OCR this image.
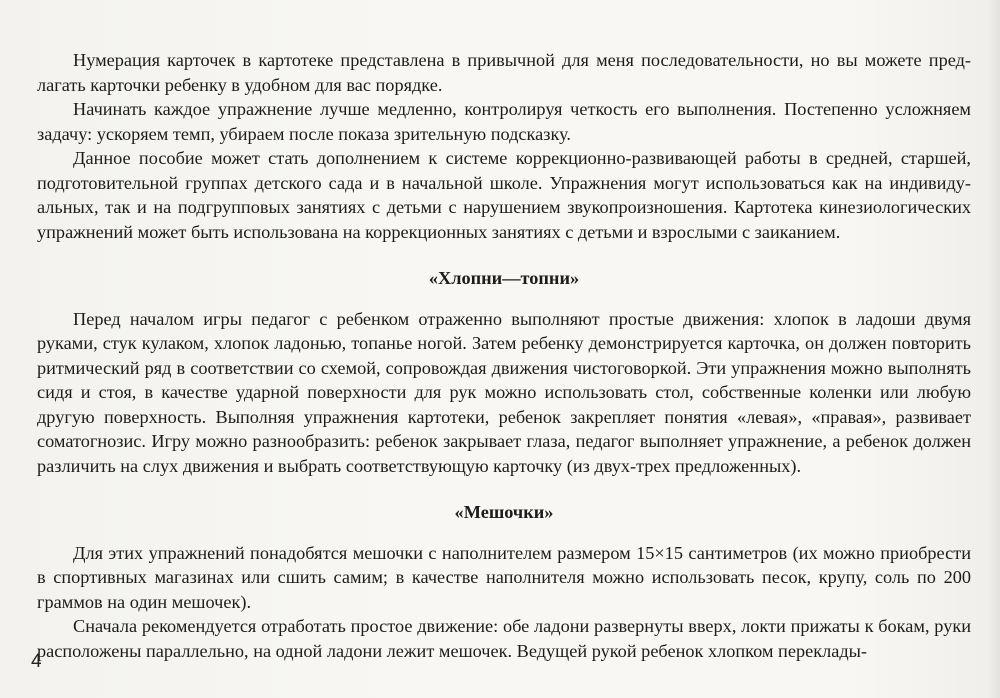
Нумерация карточек в картотеке представлена в привычной для меня последовательности, но вы можете предлагать карточки ребенку в удобном для вас порядке.

Начинать каждое упражнение лучше медленно, контролируя четкость его выполнения. Постепенно усложняем задачу: ускоряем темп, убираем после показа зрительную подсказку.

Данное пособие может стать дополнением к системе коррекционно-развивающей работы в средней, старшей, подготовительной группах детского сада и в начальной школе. Упражнения могут использоваться как на индивидуальных, так и на подгрупповых занятиях с детьми с нарушением звукопроизношения. Картотека кинезиологических упражнений может быть использована на коррекционных занятиях с детьми и взрослыми с заиканием.

«Хлопни—топни»

Перед началом игры педагог с ребенком отраженно выполняют простые движения: хлопок в ладоши двумя руками, стук кулаком, хлопок ладонью, топанье ногой. Затем ребенку демонстрируется карточка, он должен повторить ритмический ряд в соответствии со схемой, сопровождая движения чистоговоркой. Эти упражнения можно выполнять сидя и стоя, в качестве ударной поверхности для рук можно использовать стол, собственные коленки или любую другую поверхность. Выполняя упражнения картотеки, ребенок закрепляет понятия «левая», «правая», развивает соматогнозис. Игру можно разнообразить: ребенок закрывает глаза, педагог выполняет упражнение, а ребенок должен различить на слух движения и выбрать соответствующую карточку (из двух-трех предложенных).

«Мешочки»

Для этих упражнений понадобятся мешочки с наполнителем размером 15×15 сантиметров (их можно приобрести в спортивных магазинах или сшить самим; в качестве наполнителя можно использовать песок, крупу, соль по 200 граммов на один мешочек).

Сначала рекомендуется отработать простое движение: обе ладони развернуты вверх, локти прижаты к бокам, руки расположены параллельно, на одной ладони лежит мешочек. Ведущей рукой ребенок хлопком переклады-

4
